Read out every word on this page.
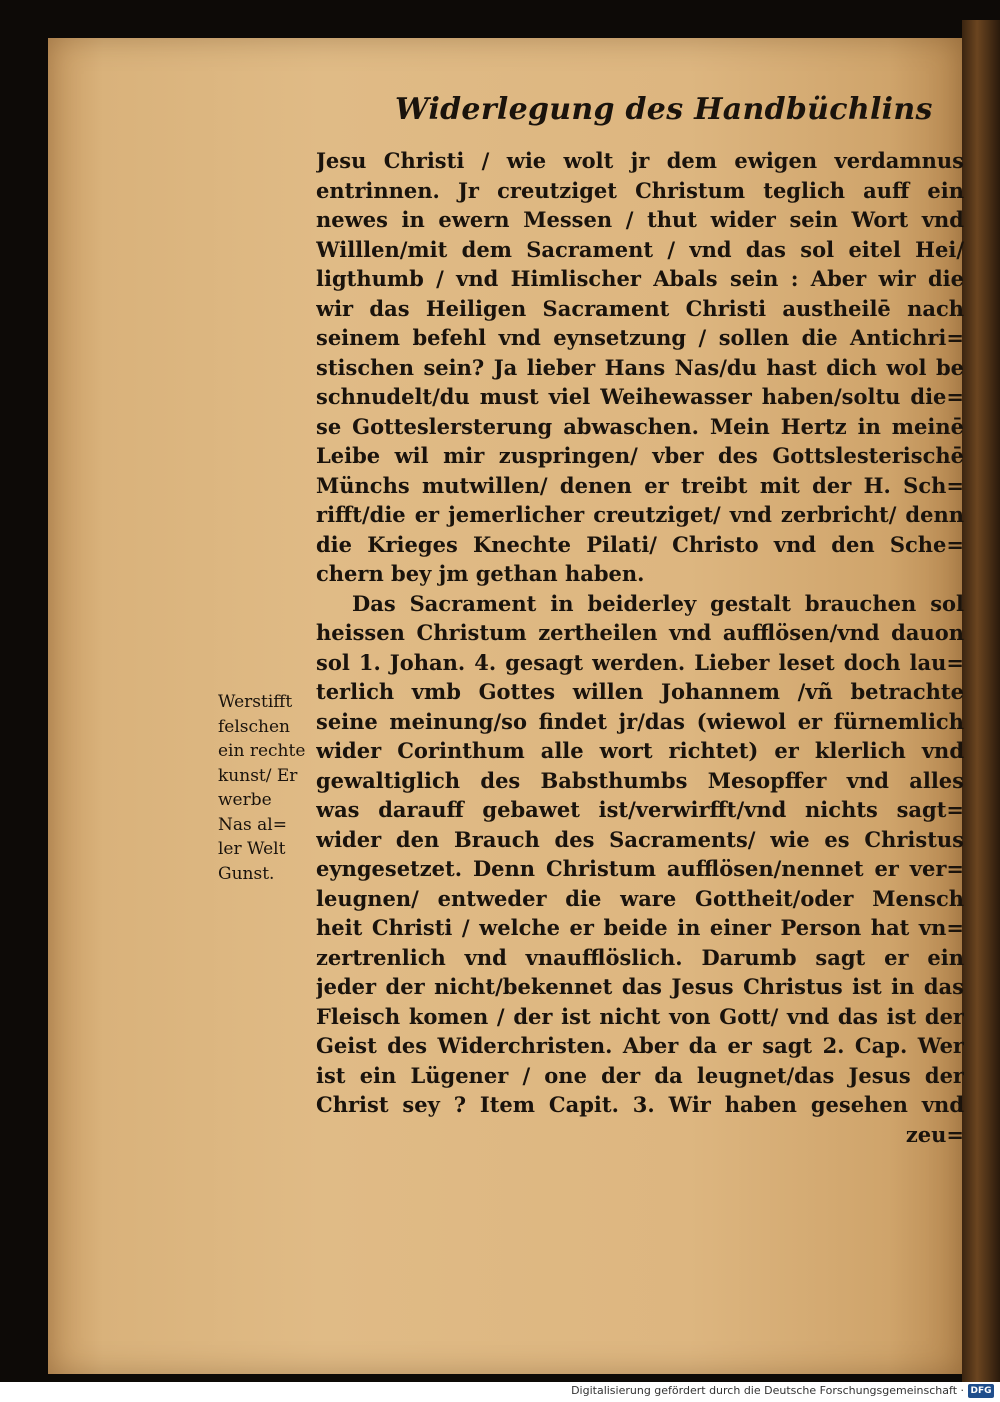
Widerlegung des Handbüchlins
Jesu Christi / wie wolt jr dem ewigen verdamnus
entrinnen. Jr creutziget Christum teglich auff ein
newes in ewern Messen / thut wider sein Wort vnd
Willlen/mit dem Sacrament / vnd das sol eitel Hei/
ligthumb / vnd Himlischer Abals sein : Aber wir die
wir das Heiligen Sacrament Christi austheilē nach
seinem befehl vnd eynsetzung / sollen die Antichri=
stischen sein? Ja lieber Hans Nas/du hast dich wol be
schnudelt/du must viel Weihewasser haben/soltu die=
se Gotteslersterung abwaschen. Mein Hertz in meinē
Leibe wil mir zuspringen/ vber des Gottslesterischē
Münchs mutwillen/ denen er treibt mit der H. Sch=
rifft/die er jemerlicher creutziget/ vnd zerbricht/ denn
die Krieges Knechte Pilati/ Christo vnd den Sche=
chern bey jm gethan haben.
Das Sacrament in beiderley gestalt brauchen sol
heissen Christum zertheilen vnd aufflösen/vnd dauon
sol 1. Johan. 4. gesagt werden. Lieber leset doch lau=
terlich vmb Gottes willen Johannem /vñ betrachte
seine meinung/so findet jr/das (wiewol er fürnemlich
wider Corinthum alle wort richtet) er klerlich vnd
gewaltiglich des Babsthumbs Mesopffer vnd alles
was darauff gebawet ist/verwirfft/vnd nichts sagt=
wider den Brauch des Sacraments/ wie es Christus
eyngesetzet. Denn Christum aufflösen/nennet er ver=
leugnen/ entweder die ware Gottheit/oder Mensch
heit Christi / welche er beide in einer Person hat vn=
zertrenlich vnd vnaufflöslich. Darumb sagt er ein
jeder der nicht/bekennet das Jesus Christus ist in das
Fleisch komen / der ist nicht von Gott/ vnd das ist der
Geist des Widerchristen. Aber da er sagt 2. Cap. Wer
ist ein Lügener / one der da leugnet/das Jesus der
Christ sey ? Item Capit. 3. Wir haben gesehen vnd
zeu=
Werstifft
felschen
ein rechte
kunst/ Er
werbe
Nas al=
ler Welt
Gunst.
Digitalisierung gefördert durch die Deutsche Forschungsgemeinschaft · DFG
